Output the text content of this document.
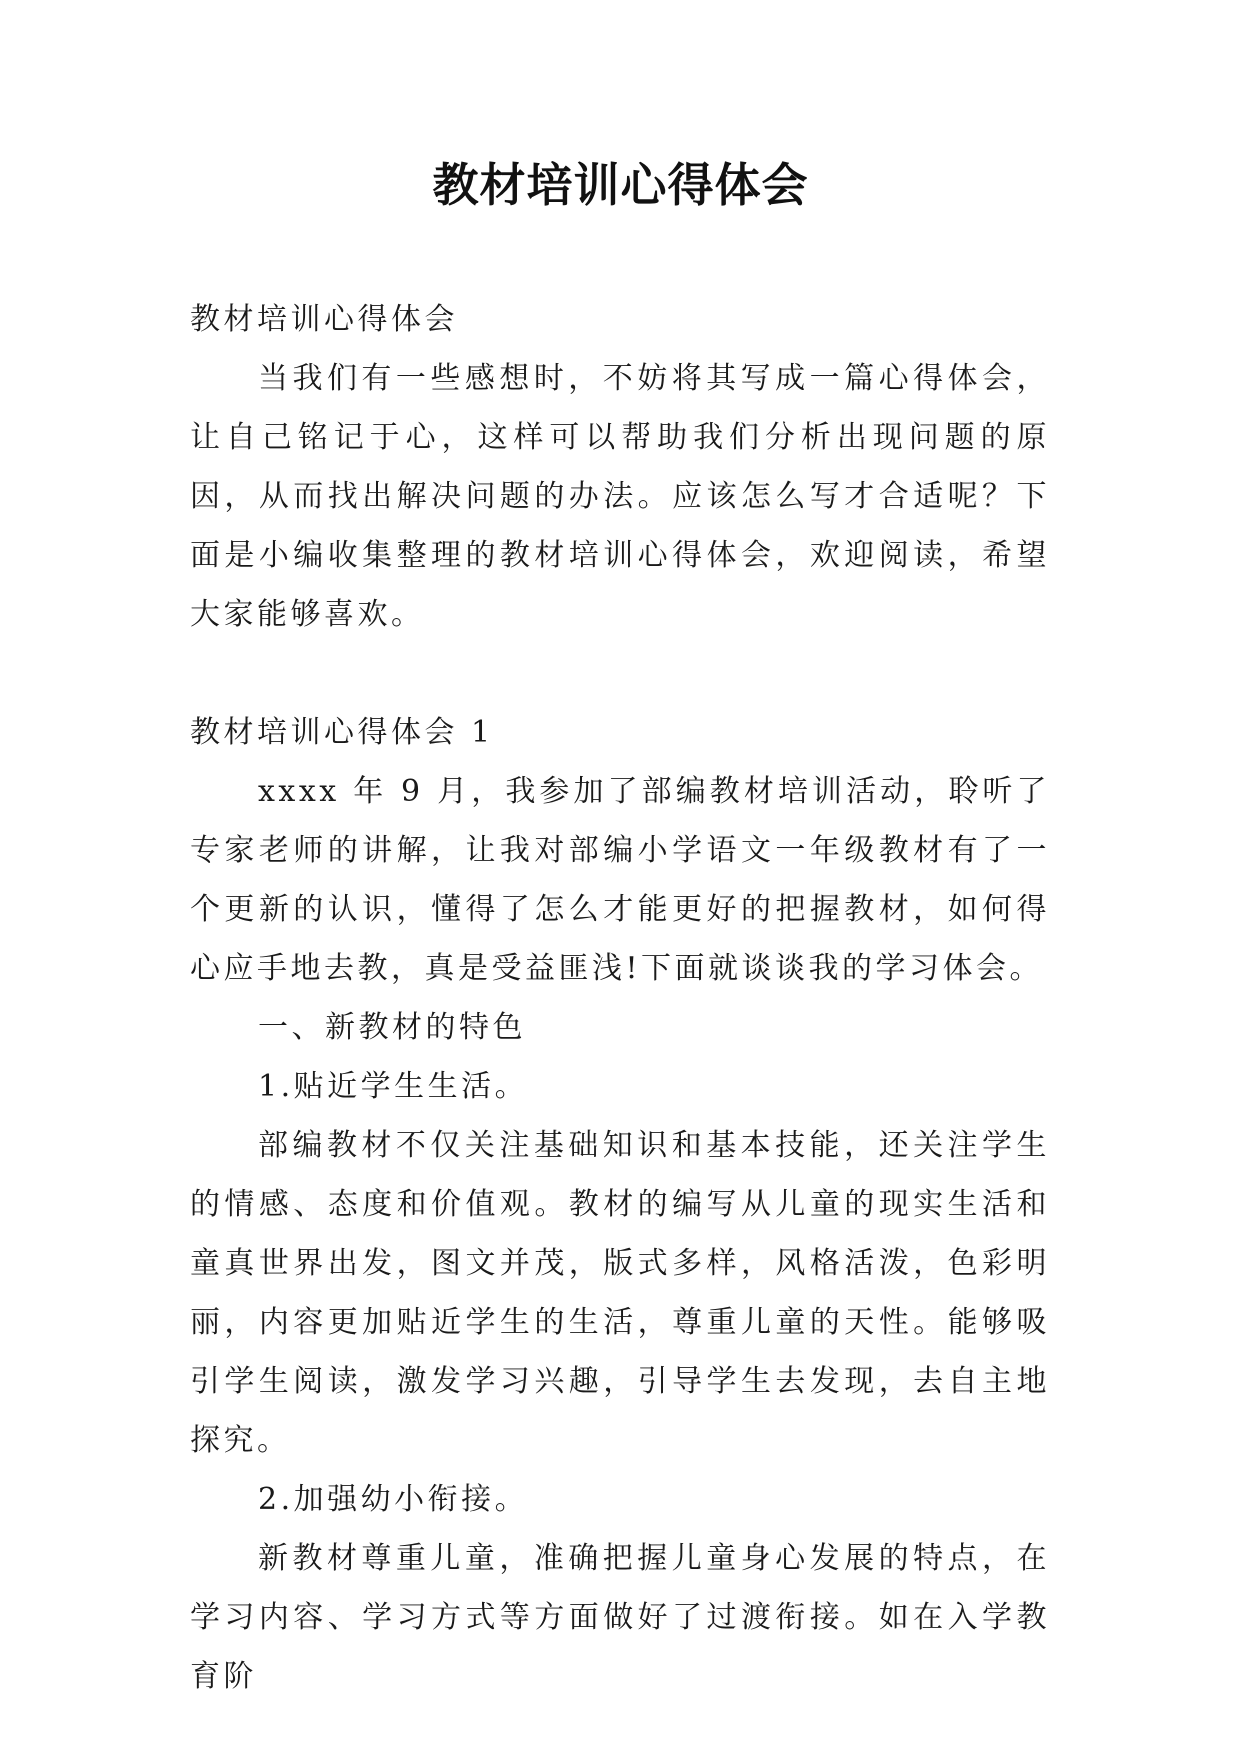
教材培训心得体会

教材培训心得体会

当我们有一些感想时，不妨将其写成一篇心得体会，让自己铭记于心，这样可以帮助我们分析出现问题的原因，从而找出解决问题的办法。应该怎么写才合适呢？下面是小编收集整理的教材培训心得体会，欢迎阅读，希望大家能够喜欢。

教材培训心得体会 1

xxxx 年 9 月，我参加了部编教材培训活动，聆听了专家老师的讲解，让我对部编小学语文一年级教材有了一个更新的认识，懂得了怎么才能更好的把握教材，如何得心应手地去教，真是受益匪浅!下面就谈谈我的学习体会。

一、新教材的特色

1.贴近学生生活。

部编教材不仅关注基础知识和基本技能，还关注学生的情感、态度和价值观。教材的编写从儿童的现实生活和童真世界出发，图文并茂，版式多样，风格活泼，色彩明丽，内容更加贴近学生的生活，尊重儿童的天性。能够吸引学生阅读，激发学习兴趣，引导学生去发现，去自主地探究。

2.加强幼小衔接。

新教材尊重儿童，准确把握儿童身心发展的特点，在学习内容、学习方式等方面做好了过渡衔接。如在入学教育阶
